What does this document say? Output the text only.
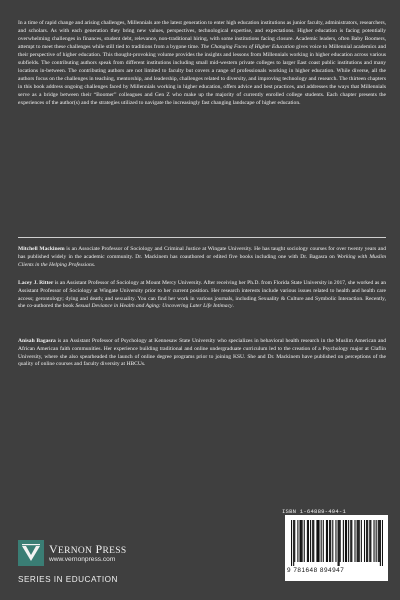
In a time of rapid change and arising challenges, Millennials are the latest generation to enter high education institutions as junior faculty, administrators, researchers, and scholars. As with each generation they bring new values, perspectives, technological expertise, and expectations. Higher education is facing potentially overwhelming challenges in finances, student debt, relevance, non-traditional hiring, with some institutions facing closure. Academic leaders, often Baby Boomers, attempt to meet these challenges while still tied to traditions from a bygone time. The Changing Faces of Higher Education gives voice to Millennial academics and their perspective of higher education. This thought-provoking volume provides the insights and lessons from Millennials working in higher education across various subfields. The contributing authors speak from different institutions including small mid-western private colleges to larger East coast public institutions and many locations in-between. The contributing authors are not limited to faculty but covers a range of professionals working in higher education. While diverse, all the authors focus on the challenges in teaching, mentorship, and leadership, challenges related to diversity, and improving technology and research. The thirteen chapters in this book address ongoing challenges faced by Millennials working in higher education, offers advice and best practices, and addresses the ways that Millennials serve as a bridge between their “Boomer” colleagues and Gen Z who make up the majority of currently enrolled college students. Each chapter presents the experiences of the author(s) and the strategies utilized to navigate the increasingly fast changing landscape of higher education.

Mitchell Mackinem is an Associate Professor of Sociology and Criminal Justice at Wingate University. He has taught sociology courses for over twenty years and has published widely in the academic community. Dr. Mackinem has coauthored or edited five books including one with Dr. Bagasra on Working with Muslim Clients in the Helping Professions.

Lacey J. Ritter is an Assistant Professor of Sociology at Mount Mercy University. After receiving her Ph.D. from Florida State University in 2017, she worked as an Assistant Professor of Sociology at Wingate University prior to her current position. Her research interests include various issues related to health and health care access; gerontology; dying and death; and sexuality. You can find her work in various journals, including Sexuality & Culture and Symbolic Interaction. Recently, she co-authored the book Sexual Deviance in Health and Aging: Uncovering Later Life Intimacy.

Anisah Bagasra is an Assistant Professor of Psychology at Kennesaw State University who specializes in behavioral health research in the Muslim American and African American faith communities. Her experience building traditional and online undergraduate curriculum led to the creation of a Psychology major at Claflin University, where she also spearheaded the launch of online degree programs prior to joining KSU. She and Dr. Mackinem have published on perceptions of the quality of online courses and faculty diversity at HBCUs.

ISBN 1-64889-494-1
9 781648 894947
VERNON PRESS
www.vernonpress.com
SERIES IN EDUCATION
